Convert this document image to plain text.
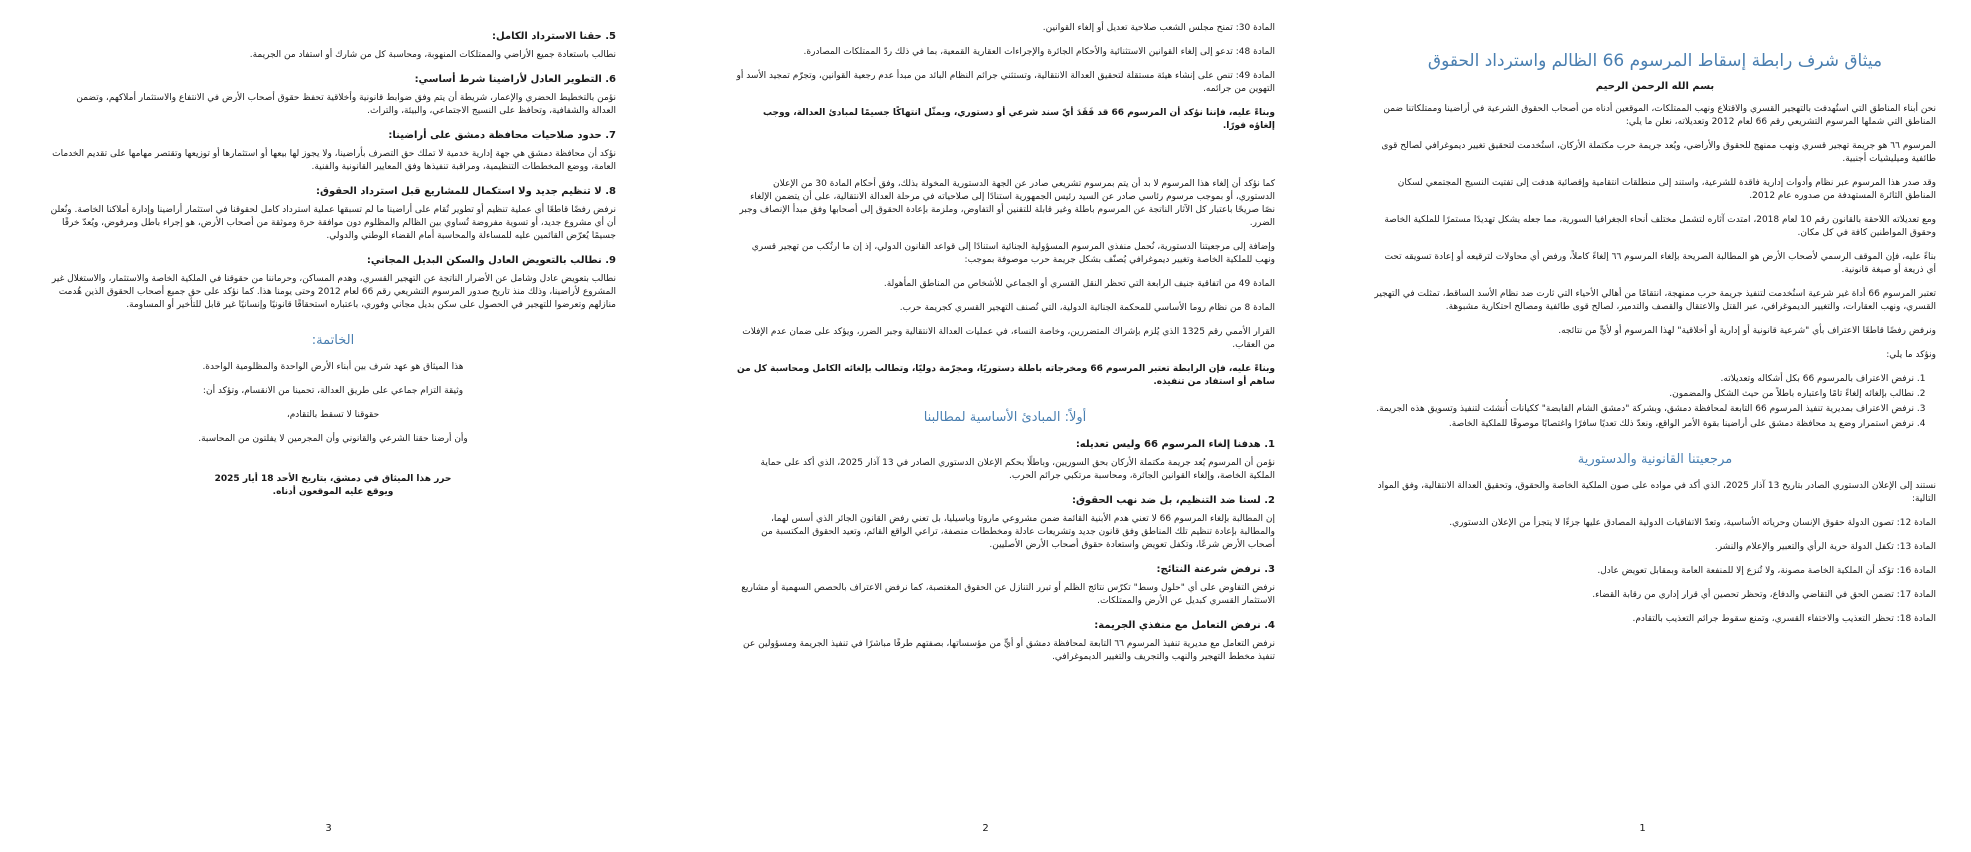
ميثاق شرف رابطة إسقاط المرسوم 66 الظالم واسترداد الحقوق
بسم الله الرحمن الرحيم

نحن أبناء المناطق التي استُهدفت بالتهجير القسري والاقتلاع ونهب الممتلكات، الموقعين أدناه من أصحاب الحقوق الشرعية في أراضينا وممتلكاتنا ضمن المناطق التي شملها المرسوم التشريعي رقم 66 لعام 2012 وتعديلاته، نعلن ما يلي:

المرسوم ٦٦ هو جريمة تهجير قسري ونهب ممنهج للحقوق والأراضي، ويُعد جريمة حرب مكتملة الأركان، استُخدمت لتحقيق تغيير ديموغرافي لصالح قوى طائفية وميليشيات أجنبية.

وقد صدر هذا المرسوم عبر نظام وأدوات إدارية فاقدة للشرعية، واستند إلى منطلقات انتقامية وإقصائية هدفت إلى تفتيت النسيج المجتمعي لسكان المناطق الثائرة المستهدفة من صدوره عام 2012.

ومع تعديلاته اللاحقة بالقانون رقم 10 لعام 2018، امتدت آثاره لتشمل مختلف أنحاء الجغرافيا السورية، مما جعله يشكل تهديدًا مستمرًا للملكية الخاصة وحقوق المواطنين كافة في كل مكان.

بناءً عليه، فإن الموقف الرسمي لأصحاب الأرض هو المطالبة الصريحة بإلغاء المرسوم ٦٦ إلغاءً كاملاً، ورفض أي محاولات لترقيعه أو إعادة تسويقه تحت أي ذريعة أو صيغة قانونية.

تعتبر المرسوم 66 أداة غير شرعية استُخدمت لتنفيذ جريمة حرب ممنهجة، انتقامًا من أهالي الأحياء التي ثارت ضد نظام الأسد الساقط، تمثلت في التهجير القسري، ونهب العقارات، والتغيير الديموغرافي، عبر القتل والاعتقال والقصف والتدمير، لصالح قوى طائفية ومصالح احتكارية مشبوهة.

ونرفض رفضًا قاطعًا الاعتراف بأي "شرعية قانونية أو إدارية أو أخلاقية" لهذا المرسوم أو لأيٍّ من نتائجه.

ونؤكد ما يلي:

1. نرفض الاعتراف بالمرسوم 66 بكل أشكاله وتعديلاته.
2. نطالب بإلغائه إلغاءً تامًا واعتباره باطلاً من حيث الشكل والمضمون.
3. نرفض الاعتراف بمديرية تنفيذ المرسوم 66 التابعة لمحافظة دمشق، وبشركة "دمشق الشام القابضة" ككيانات أُنشئت لتنفيذ وتسويق هذه الجريمة.
4. نرفض استمرار وضع يد محافظة دمشق على أراضينا بقوة الأمر الواقع، ونعدّ ذلك تعديًا سافرًا واغتصابًا موصوفًا للملكية الخاصة.
مرجعيتنا القانونية والدستورية

نستند إلى الإعلان الدستوري الصادر بتاريخ 13 آذار 2025، الذي أكد في مواده على صون الملكية الخاصة والحقوق، وتحقيق العدالة الانتقالية، وفق المواد التالية:

المادة 12: تصون الدولة حقوق الإنسان وحرياته الأساسية، وتعدّ الاتفاقيات الدولية المصادق عليها جزءًا لا يتجزأ من الإعلان الدستوري.

المادة 13: تكفل الدولة حرية الرأي والتعبير والإعلام والنشر.

المادة 16: تؤكد أن الملكية الخاصة مصونة، ولا تُنزع إلا للمنفعة العامة وبمقابل تعويض عادل.

المادة 17: تضمن الحق في التقاضي والدفاع، وتحظر تحصين أي قرار إداري من رقابة القضاء.

المادة 18: تحظر التعذيب والاختفاء القسري، وتمنع سقوط جرائم التعذيب بالتقادم.

1

المادة 30: تمنح مجلس الشعب صلاحية تعديل أو إلغاء القوانين.

المادة 48: تدعو إلى إلغاء القوانين الاستثنائية والأحكام الجائرة والإجراءات العقارية القمعية، بما في ذلك ردّ الممتلكات المصادرة.

المادة 49: تنص على إنشاء هيئة مستقلة لتحقيق العدالة الانتقالية، وتستثني جرائم النظام البائد من مبدأ عدم رجعية القوانين، وتجرّم تمجيد الأسد أو التهوين من جرائمه.

وبناءً عليه، فإننا نؤكد أن المرسوم 66 قد فَقَدَ أيّ سند شرعي أو دستوري، ويمثّل انتهاكًا جسيمًا لمبادئ العدالة، ووجب إلغاؤه فورًا.

كما نؤكد أن إلغاء هذا المرسوم لا بد أن يتم بمرسوم تشريعي صادر عن الجهة الدستورية المخولة بذلك، وفق أحكام المادة 30 من الإعلان الدستوري، أو بموجب مرسوم رئاسي صادر عن السيد رئيس الجمهورية استنادًا إلى صلاحياته في مرحلة العدالة الانتقالية، على أن يتضمن الإلغاء نصًا صريحًا باعتبار كل الآثار الناتجة عن المرسوم باطلة وغير قابلة للتقنين أو التفاوض، وملزمة بإعادة الحقوق إلى أصحابها وفق مبدأ الإنصاف وجبر الضرر.

وإضافة إلى مرجعيتنا الدستورية، نُحمل منفذي المرسوم المسؤولية الجنائية استنادًا إلى قواعد القانون الدولي، إذ إن ما ارتُكب من تهجير قسري ونهب للملكية الخاصة وتغيير ديموغرافي يُصنّف بشكل جريمة حرب موصوفة بموجب:

المادة 49 من اتفاقية جنيف الرابعة التي تحظر النقل القسري أو الجماعي للأشخاص من المناطق المأهولة.

المادة 8 من نظام روما الأساسي للمحكمة الجنائية الدولية، التي تُصنف التهجير القسري كجريمة حرب.

القرار الأممي رقم 1325 الذي يُلزم بإشراك المتضررين، وخاصة النساء، في عمليات العدالة الانتقالية وجبر الضرر، ويؤكد على ضمان عدم الإفلات من العقاب.

وبناءً عليه، فإن الرابطة تعتبر المرسوم 66 ومخرجاته باطلة دستوريًا، ومجرّمة دوليًا، وتطالب بإلغائه الكامل ومحاسبة كل من ساهم أو استفاد من تنفيذه.

أولاً: المبادئ الأساسية لمطالبنا
1. هدفنا إلغاء المرسوم 66 وليس تعديله:

نؤمن أن المرسوم يُعد جريمة مكتملة الأركان بحق السوريين، وباطلًا بحكم الإعلان الدستوري الصادر في 13 آذار 2025، الذي أكد على حماية الملكية الخاصة، وإلغاء القوانين الجائرة، ومحاسبة مرتكبي جرائم الحرب.

2. لسنا ضد التنظيم، بل ضد نهب الحقوق:

إن المطالبة بإلغاء المرسوم 66 لا تعني هدم الأبنية القائمة ضمن مشروعي ماروتا وباسيليا، بل تعني رفض القانون الجائر الذي أسس لهما، والمطالبة بإعادة تنظيم تلك المناطق وفق قانون جديد وتشريعات عادلة ومخططات منصفة، تراعي الواقع القائم، وتعيد الحقوق المكتسبة من أصحاب الأرض شرعًا، وتكفل تعويض واستعادة حقوق أصحاب الأرض الأصليين.

3. نرفض شرعنة النتائج:

نرفض التفاوض على أي "حلول وسط" تكرّس نتائج الظلم أو تبرر التنازل عن الحقوق المغتصبة، كما نرفض الاعتراف بالحصص السهمية أو مشاريع الاستثمار القسري كبديل عن الأرض والممتلكات.

4. نرفض التعامل مع منفذي الجريمة:

نرفض التعامل مع مديرية تنفيذ المرسوم ٦٦ التابعة لمحافظة دمشق أو أيٍّ من مؤسساتها، بصفتهم طرفًا مباشرًا في تنفيذ الجريمة ومسؤولين عن تنفيذ مخطط التهجير والنهب والتجريف والتغيير الديموغرافي.

2
5. حقنا الاسترداد الكامل:

نطالب باستعادة جميع الأراضي والممتلكات المنهوبة، ومحاسبة كل من شارك أو استفاد من الجريمة.

6. التطوير العادل لأراضينا شرط أساسي:

نؤمن بالتخطيط الحضري والإعمار، شريطة أن يتم وفق ضوابط قانونية وأخلاقية تحفظ حقوق أصحاب الأرض في الانتفاع والاستثمار أملاكهم، وتضمن العدالة والشفافية، وتحافظ على النسيج الاجتماعي، والبيئة، والتراث.

7. حدود صلاحيات محافظة دمشق على أراضينا:

نؤكد أن محافظة دمشق هي جهة إدارية خدمية لا تملك حق التصرف بأراضينا، ولا يجوز لها بيعها أو استثمارها أو توزيعها وتقتصر مهامها على تقديم الخدمات العامة، ووضع المخططات التنظيمية، ومراقبة تنفيذها وفق المعايير القانونية والفنية.

8. لا تنظيم جديد ولا استكمال للمشاريع قبل استرداد الحقوق:

نرفض رفضًا قاطعًا أي عملية تنظيم أو تطوير تُقام على أراضينا ما لم تسبقها عملية استرداد كامل لحقوقنا في استثمار أراضينا وإدارة أملاكنا الخاصة. ونُعلن أن أي مشروع جديد، أو تسوية مفروضة تُساوي بين الظالم والمظلوم دون موافقة حرة وموثقة من أصحاب الأرض، هو إجراء باطل ومرفوض، ويُعدّ خرقًا جسيمًا يُعرّض القائمين عليه للمساءلة والمحاسبة أمام القضاء الوطني والدولي.

9. نطالب بالتعويض العادل والسكن البديل المجاني:

نطالب بتعويض عادل وشامل عن الأضرار الناتجة عن التهجير القسري، وهدم المساكن، وحرماننا من حقوقنا في الملكية الخاصة والاستثمار، والاستغلال غير المشروع لأراضينا، وذلك منذ تاريخ صدور المرسوم التشريعي رقم 66 لعام 2012 وحتى يومنا هذا. كما نؤكد على حق جميع أصحاب الحقوق الذين هُدمت منازلهم وتعرضوا للتهجير في الحصول على سكن بديل مجاني وفوري، باعتباره استحقاقًا قانونيًا وإنسانيًا غير قابل للتأخير أو المساومة.

الخاتمة:

هذا الميثاق هو عهد شرف بين أبناء الأرض الواحدة والمظلومية الواحدة.

وثيقة التزام جماعي على طريق العدالة، تحمينا من الانقسام، وتؤكد أن:

حقوقنا لا تسقط بالتقادم،

وأن أرضنا حقنا الشرعي والقانوني وأن المجرمين لا يفلتون من المحاسبة.

حرر هذا الميثاق في دمشق، بتاريخ الأحد 18 أيار 2025
ويوقع عليه الموقعون أدناه.
3
